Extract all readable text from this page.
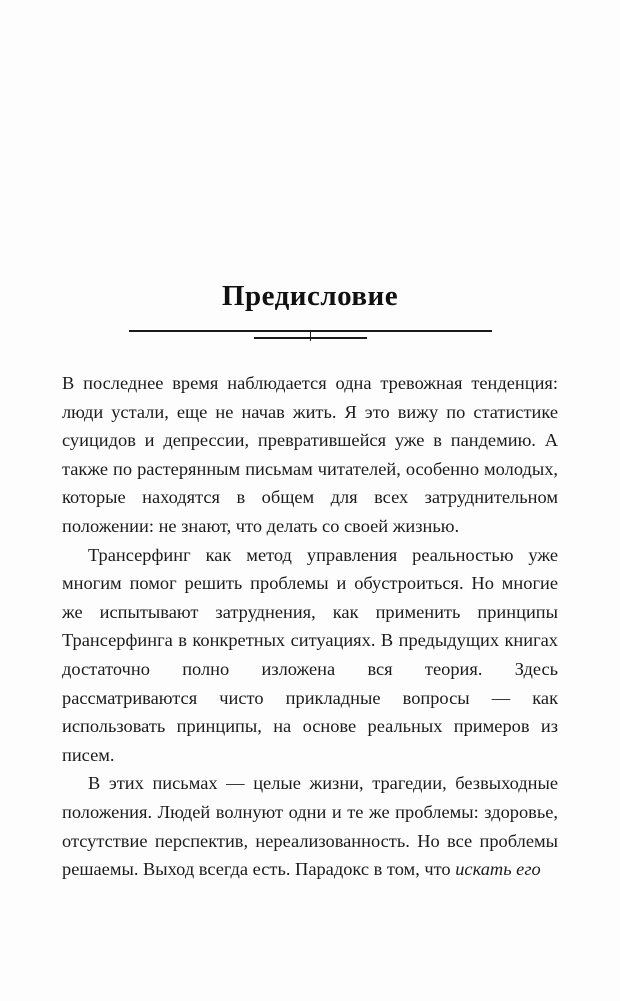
Предисловие

В последнее время наблюдается одна тревожная тенденция: люди устали, еще не начав жить. Я это вижу по статистике суицидов и депрессии, превратившейся уже в пандемию. А также по растерянным письмам читателей, особенно молодых, которые находятся в общем для всех затруднительном положении: не знают, что делать со своей жизнью.

Трансерфинг как метод управления реальностью уже многим помог решить проблемы и обустроиться. Но многие же испытывают затруднения, как применить принципы Трансерфинга в конкретных ситуациях. В предыдущих книгах достаточно полно изложена вся теория. Здесь рассматриваются чисто прикладные вопросы — как использовать принципы, на основе реальных примеров из писем.

В этих письмах — целые жизни, трагедии, безвыходные положения. Людей волнуют одни и те же проблемы: здоровье, отсутствие перспектив, нереализованность. Но все проблемы решаемы. Выход всегда есть. Парадокс в том, что искать его
